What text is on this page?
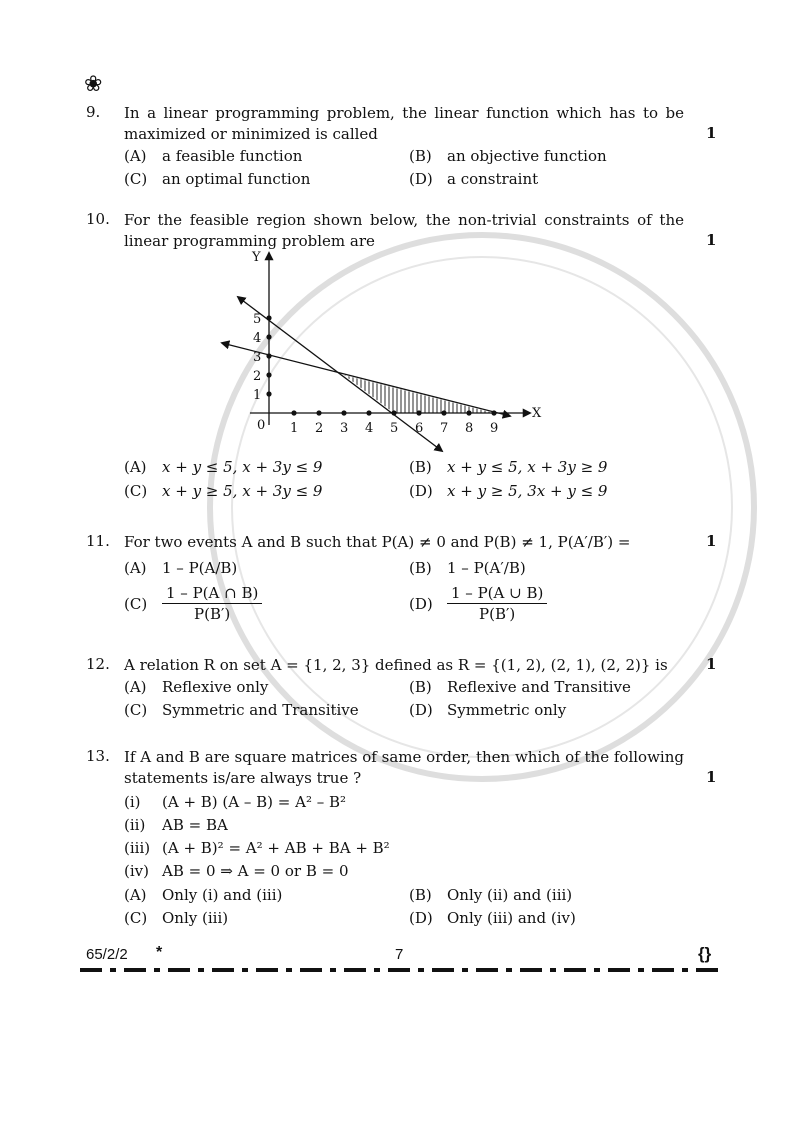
❀
9. In a linear programming problem, the linear function which has to be maximized or minimized is called	1
(A) a feasible function	(B) an objective function
(C) an optimal function	(D) a constraint
10. For the feasible region shown below, the non-trivial constraints of the linear programming problem are	1
Y
X
0 1 2 3 4 5 6 7 8 9
1
2
3
4
5
(A) x + y ≤ 5, x + 3y ≤ 9	(B) x + y ≤ 5, x + 3y ≥ 9
(C) x + y ≥ 5, x + 3y ≤ 9	(D) x + y ≥ 5, 3x + y ≤ 9
11. For two events A and B such that P(A) ≠ 0 and P(B) ≠ 1, P(A′/B′) =	1
(A) 1 – P(A/B)	(B) 1 – P(A′/B)
$(C) \frac{1 - P(A \cap B)}{P(B')}$	$(D) \frac{1 - P(A \cup B)}{P(B')}$
12. A relation R on set A = {1, 2, 3} defined as R = {(1, 2), (2, 1), (2, 2)} is	1
(A) Reflexive only	(B) Reflexive and Transitive
(C) Symmetric and Transitive	(D) Symmetric only
13. If A and B are square matrices of same order, then which of the following statements is/are always true ?	1
(i) (A + B) (A – B) = A² – B²
(ii) AB = BA
(iii) (A + B)² = A² + AB + BA + B²
(iv) AB = 0 ⇒ A = 0 or B = 0
(A) Only (i) and (iii)	(B) Only (ii) and (iii)
(C) Only (iii)	(D) Only (iii) and (iv)
65/2/2 *	7	{}
